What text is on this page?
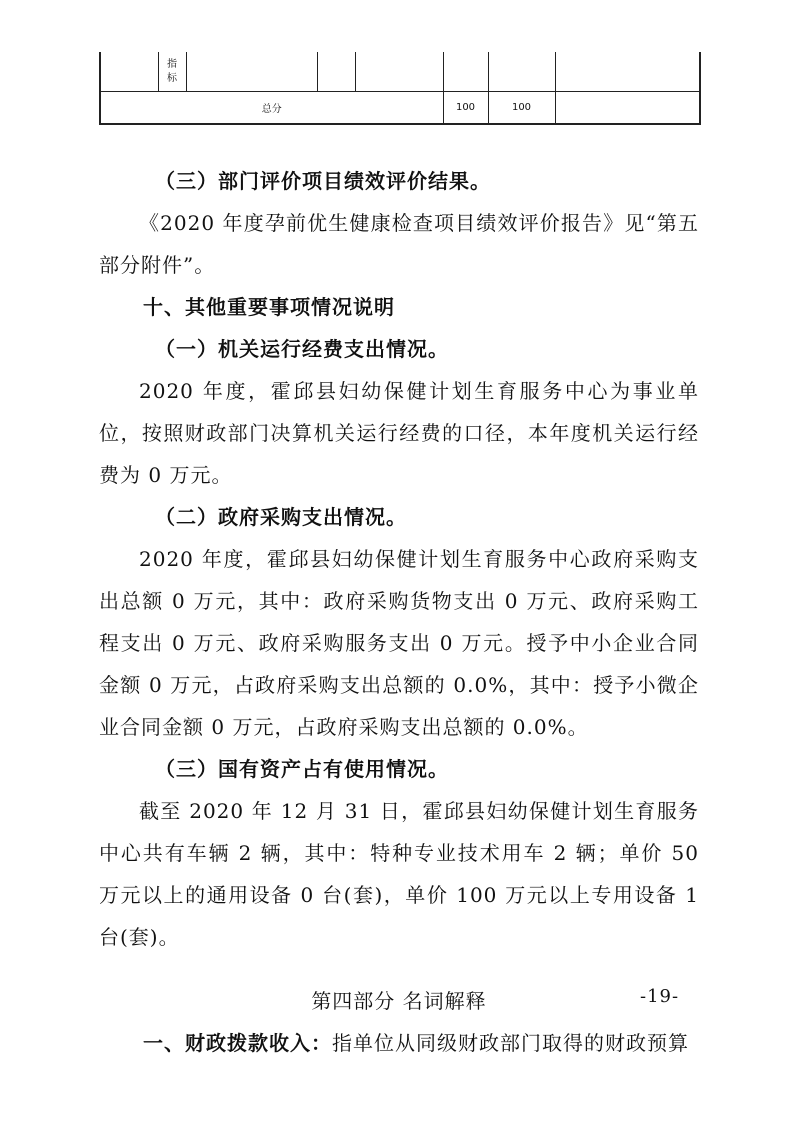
	指标						
总分					100	100	

（三）部门评价项目绩效评价结果。

《2020 年度孕前优生健康检查项目绩效评价报告》见“第五部分附件”。

十、其他重要事项情况说明

（一）机关运行经费支出情况。

2020 年度，霍邱县妇幼保健计划生育服务中心为事业单位，按照财政部门决算机关运行经费的口径，本年度机关运行经费为 0 万元。

（二）政府采购支出情况。

2020 年度，霍邱县妇幼保健计划生育服务中心政府采购支出总额 0 万元，其中：政府采购货物支出 0 万元、政府采购工程支出 0 万元、政府采购服务支出 0 万元。授予中小企业合同金额 0 万元，占政府采购支出总额的 0.0%，其中：授予小微企业合同金额 0 万元，占政府采购支出总额的 0.0%。

（三）国有资产占有使用情况。

截至 2020 年 12 月 31 日，霍邱县妇幼保健计划生育服务中心共有车辆 2 辆，其中：特种专业技术用车 2 辆；单价 50 万元以上的通用设备 0 台(套)，单价 100 万元以上专用设备 1 台(套)。

第四部分 名词解释

一、财政拨款收入：指单位从同级财政部门取得的财政预算

-19-
